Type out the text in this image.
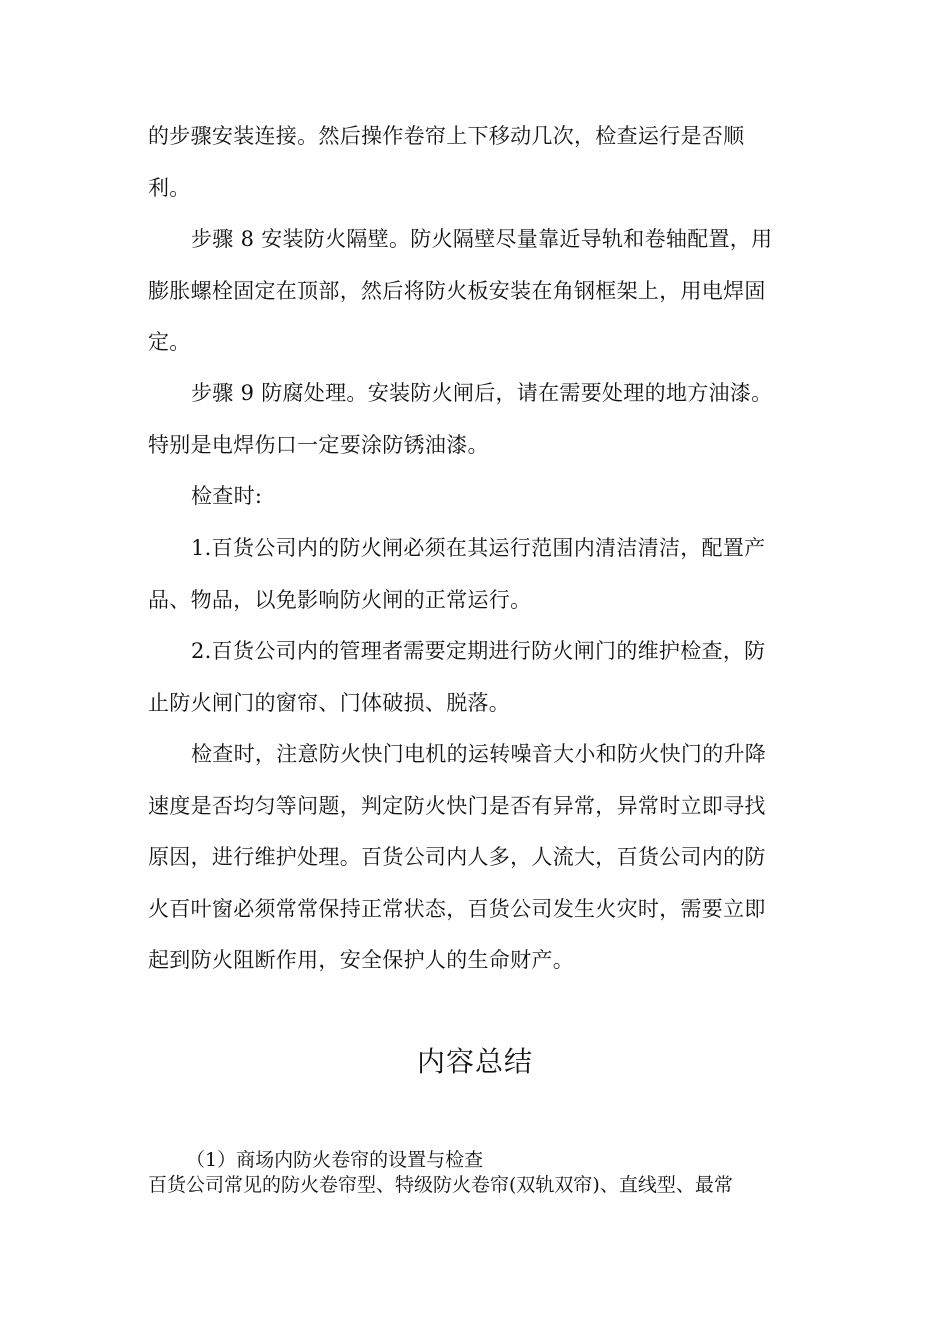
的步骤安装连接。然后操作卷帘上下移动几次，检查运行是否顺
利。
步骤 8 安装防火隔壁。防火隔壁尽量靠近导轨和卷轴配置，用
膨胀螺栓固定在顶部，然后将防火板安装在角钢框架上，用电焊固
定。
步骤 9 防腐处理。安装防火闸后，请在需要处理的地方油漆。
特别是电焊伤口一定要涂防锈油漆。
检查时:
1.百货公司内的防火闸必须在其运行范围内清洁清洁，配置产
品、物品，以免影响防火闸的正常运行。
2.百货公司内的管理者需要定期进行防火闸门的维护检查，防
止防火闸门的窗帘、门体破损、脱落。
检查时，注意防火快门电机的运转噪音大小和防火快门的升降
速度是否均匀等问题，判定防火快门是否有异常，异常时立即寻找
原因，进行维护处理。百货公司内人多，人流大，百货公司内的防
火百叶窗必须常常保持正常状态，百货公司发生火灾时，需要立即
起到防火阻断作用，安全保护人的生命财产。
内容总结
（1）商场内防火卷帘的设置与检查
百货公司常见的防火卷帘型、特级防火卷帘(双轨双帘)、直线型、最常
